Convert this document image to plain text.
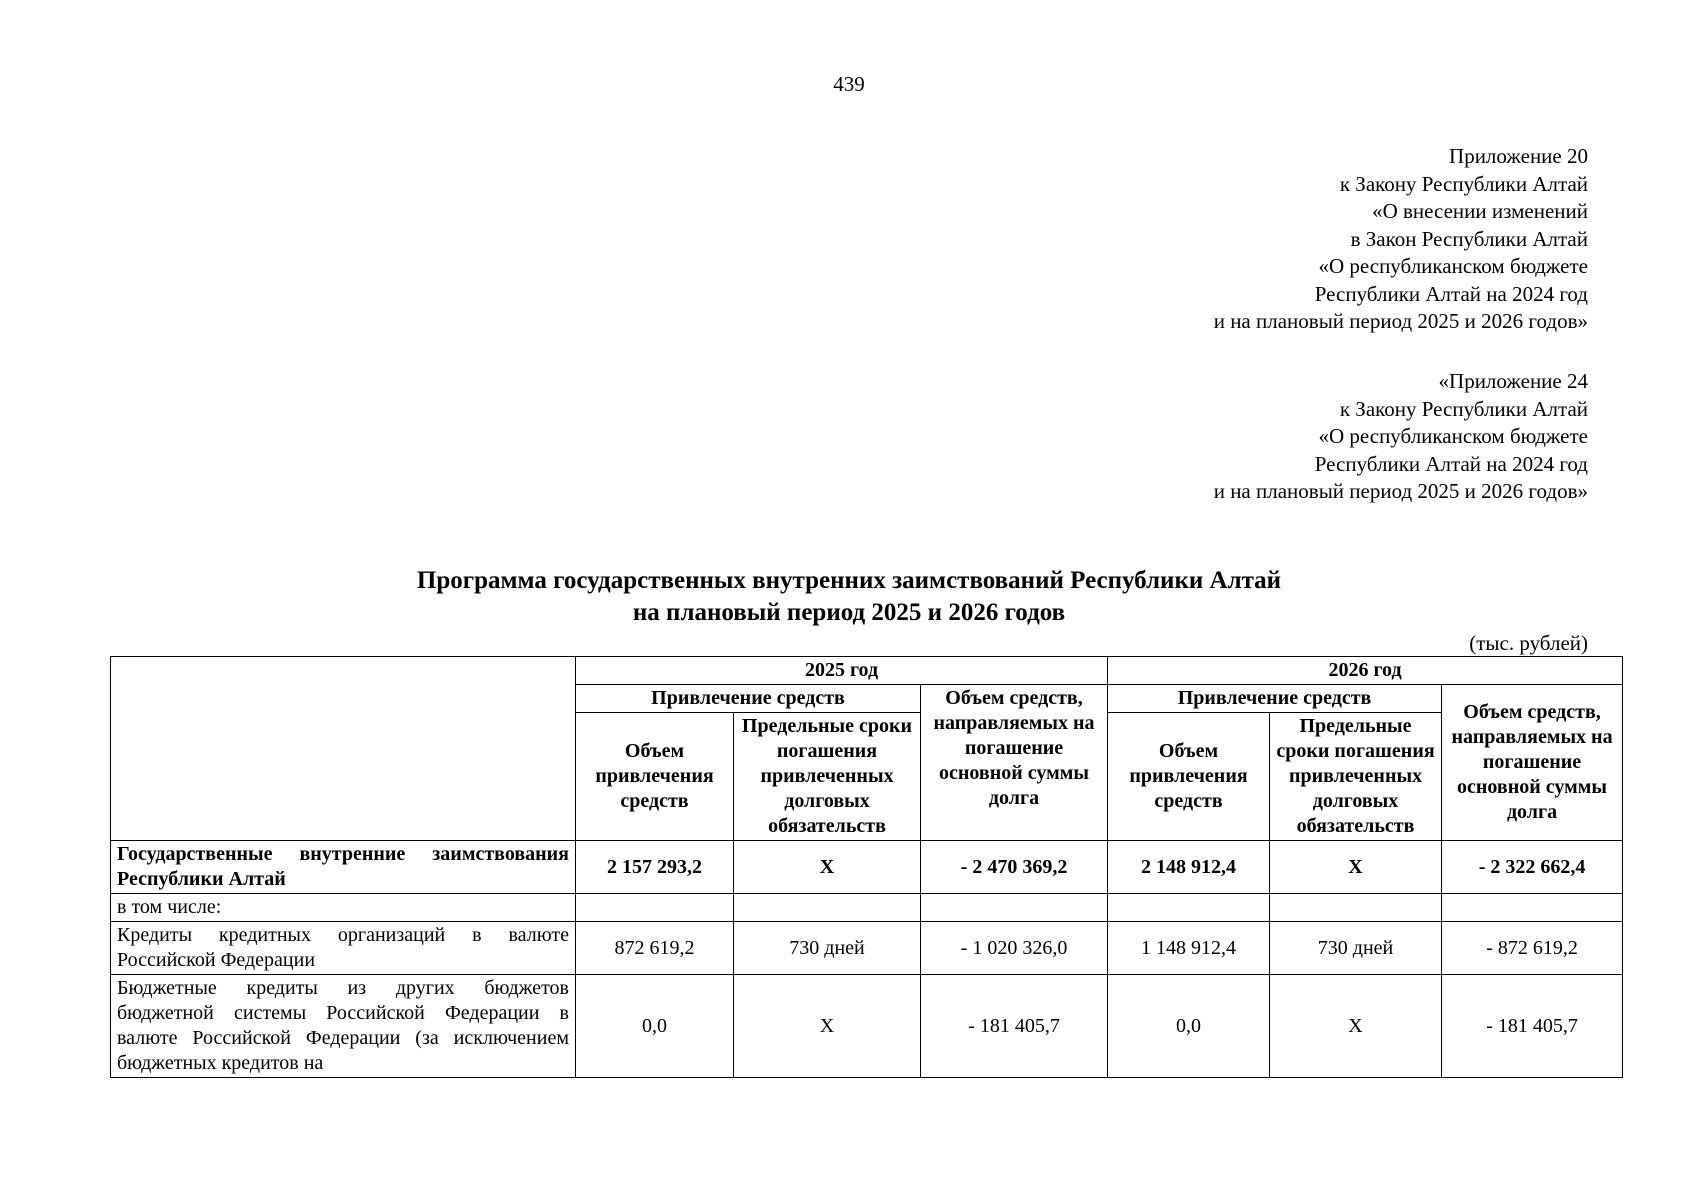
439
Приложение 20
к Закону Республики Алтай
«О внесении изменений
в Закон Республики Алтай
«О республиканском бюджете
Республики Алтай на 2024 год
и на плановый период 2025 и 2026 годов»
«Приложение 24
к Закону Республики Алтай
«О республиканском бюджете
Республики Алтай на 2024 год
и на плановый период 2025 и 2026 годов»
Программа государственных внутренних заимствований Республики Алтай
на плановый период 2025 и 2026 годов
(тыс. рублей)
	2025 год			2026 год		
	Привлечение средств		Объем средств, направляемых на погашение основной суммы долга	Привлечение средств		Объем средств, направляемых на погашение основной суммы долга
	Объем привлечения средств	Предельные сроки погашения привлеченных долговых обязательств		Объем привлечения средств	Предельные сроки погашения привлеченных долговых обязательств	
Государственные внутренние заимствования Республики Алтай	2 157 293,2	Х	- 2 470 369,2	2 148 912,4	Х	- 2 322 662,4
в том числе:						
Кредиты кредитных организаций в валюте Российской Федерации	872 619,2	730 дней	- 1 020 326,0	1 148 912,4	730 дней	- 872 619,2
Бюджетные кредиты из других бюджетов бюджетной системы Российской Федерации в валюте Российской Федерации (за исключением бюджетных кредитов на	0,0	Х	- 181 405,7	0,0	Х	- 181 405,7
